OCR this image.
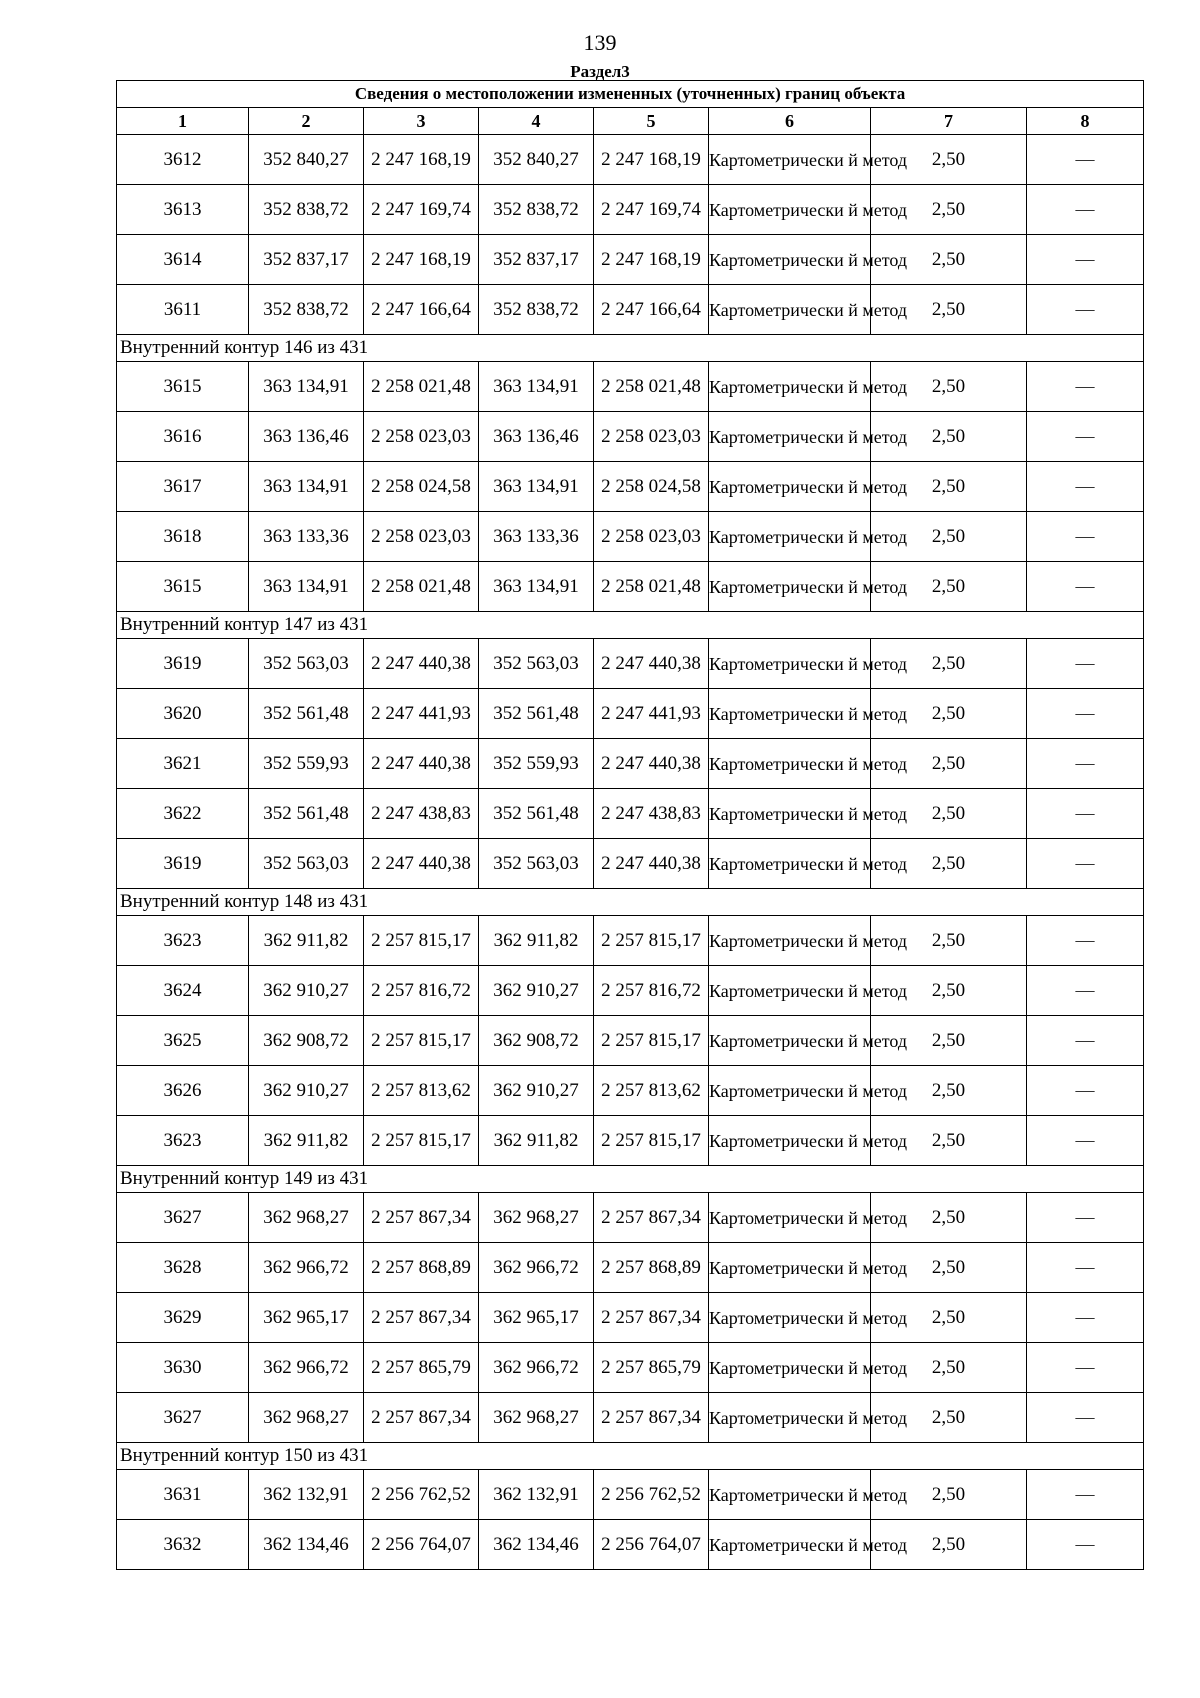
139
Раздел3
Сведения о местоположении измененных (уточненных) границ объекта							
1	2	3	4	5	6	7	8
3612	352 840,27	2 247 168,19	352 840,27	2 247 168,19	Картометрически й метод	2,50	—
3613	352 838,72	2 247 169,74	352 838,72	2 247 169,74	Картометрически й метод	2,50	—
3614	352 837,17	2 247 168,19	352 837,17	2 247 168,19	Картометрически й метод	2,50	—
3611	352 838,72	2 247 166,64	352 838,72	2 247 166,64	Картометрически й метод	2,50	—
Внутренний контур 146 из 431							
3615	363 134,91	2 258 021,48	363 134,91	2 258 021,48	Картометрически й метод	2,50	—
3616	363 136,46	2 258 023,03	363 136,46	2 258 023,03	Картометрически й метод	2,50	—
3617	363 134,91	2 258 024,58	363 134,91	2 258 024,58	Картометрически й метод	2,50	—
3618	363 133,36	2 258 023,03	363 133,36	2 258 023,03	Картометрически й метод	2,50	—
3615	363 134,91	2 258 021,48	363 134,91	2 258 021,48	Картометрически й метод	2,50	—
Внутренний контур 147 из 431							
3619	352 563,03	2 247 440,38	352 563,03	2 247 440,38	Картометрически й метод	2,50	—
3620	352 561,48	2 247 441,93	352 561,48	2 247 441,93	Картометрически й метод	2,50	—
3621	352 559,93	2 247 440,38	352 559,93	2 247 440,38	Картометрически й метод	2,50	—
3622	352 561,48	2 247 438,83	352 561,48	2 247 438,83	Картометрически й метод	2,50	—
3619	352 563,03	2 247 440,38	352 563,03	2 247 440,38	Картометрически й метод	2,50	—
Внутренний контур 148 из 431							
3623	362 911,82	2 257 815,17	362 911,82	2 257 815,17	Картометрически й метод	2,50	—
3624	362 910,27	2 257 816,72	362 910,27	2 257 816,72	Картометрически й метод	2,50	—
3625	362 908,72	2 257 815,17	362 908,72	2 257 815,17	Картометрически й метод	2,50	—
3626	362 910,27	2 257 813,62	362 910,27	2 257 813,62	Картометрически й метод	2,50	—
3623	362 911,82	2 257 815,17	362 911,82	2 257 815,17	Картометрически й метод	2,50	—
Внутренний контур 149 из 431							
3627	362 968,27	2 257 867,34	362 968,27	2 257 867,34	Картометрически й метод	2,50	—
3628	362 966,72	2 257 868,89	362 966,72	2 257 868,89	Картометрически й метод	2,50	—
3629	362 965,17	2 257 867,34	362 965,17	2 257 867,34	Картометрически й метод	2,50	—
3630	362 966,72	2 257 865,79	362 966,72	2 257 865,79	Картометрически й метод	2,50	—
3627	362 968,27	2 257 867,34	362 968,27	2 257 867,34	Картометрически й метод	2,50	—
Внутренний контур 150 из 431							
3631	362 132,91	2 256 762,52	362 132,91	2 256 762,52	Картометрически й метод	2,50	—
3632	362 134,46	2 256 764,07	362 134,46	2 256 764,07	Картометрически й метод	2,50	—
